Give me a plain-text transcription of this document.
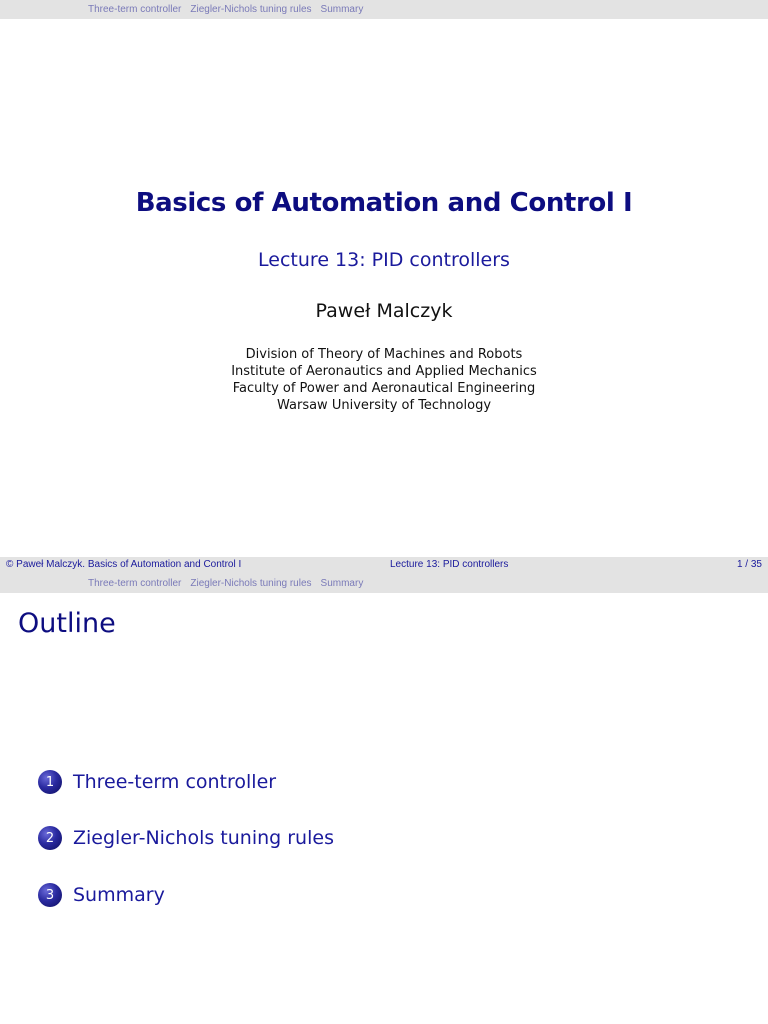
Three-term controller Ziegler-Nichols tuning rules Summary
Basics of Automation and Control I
Lecture 13: PID controllers
Paweł Malczyk
Division of Theory of Machines and Robots
Institute of Aeronautics and Applied Mechanics
Faculty of Power and Aeronautical Engineering
Warsaw University of Technology
© Paweł Malczyk. Basics of Automation and Control I	Lecture 13: PID controllers	1 / 35
Three-term controller Ziegler-Nichols tuning rules Summary
Outline
1 Three-term controller
2 Ziegler-Nichols tuning rules
3 Summary
